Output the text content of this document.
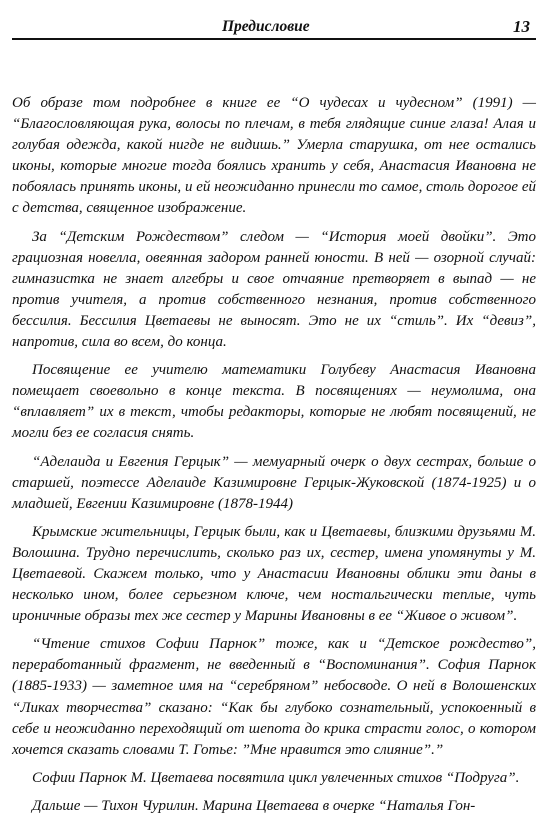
Предисловие	13

Об образе том подробнее в книге ее “О чудесах и чудесном” (1991) — “Благословляющая рука, волосы по плечам, в тебя глядящие синие глаза! Алая и голубая одежда, какой нигде не видишь.” Умерла старушка, от нее остались иконы, которые многие тогда боялись хранить у себя, Анастасия Ивановна не побоялась принять иконы, и ей неожиданно принесли то самое, столь дорогое ей с детства, священное изображение.

За “Детским Рождеством” следом — “История моей двойки”. Это грациозная новелла, овеянная задором ранней юности. В ней — озорной случай: гимназистка не знает алгебры и свое отчаяние претворяет в выпад — не против учителя, а против собственного незнания, против собственного бессилия. Бессилия Цветаевы не выносят. Это не их “стиль”. Их “девиз”, напротив, сила во всем, до конца.

Посвящение ее учителю математики Голубеву Анастасия Ивановна помещает своевольно в конце текста. В посвящениях — неумолима, она “вплавляет” их в текст, чтобы редакторы, которые не любят посвящений, не могли без ее согласия снять.

“Аделаида и Евгения Герцык” — мемуарный очерк о двух сестрах, больше о старшей, поэтессе Аделаиде Казимировне Герцык-Жуковской (1874-1925) и о младшей, Евгении Казимировне (1878-1944)

Крымские жительницы, Герцык были, как и Цветаевы, близкими друзьями М. Волошина. Трудно перечислить, сколько раз их, сестер, имена упомянуты у М. Цветаевой. Скажем только, что у Анастасии Ивановны облики эти даны в несколько ином, более серьезном ключе, чем ностальгически теплые, чуть ироничные образы тех же сестер у Марины Ивановны в ее “Живое о живом”.

“Чтение стихов Софии Парнок” тоже, как и “Детское рождество”, переработанный фрагмент, не введенный в “Воспоминания”. София Парнок (1885-1933) — заметное имя на “серебряном” небосводе. О ней в Волошенских “Ликах творчества” сказано: “Как бы глубоко сознательный, успокоенный в себе и неожиданно переходящий от шепота до крика страсти голос, о котором хочется сказать словами Т. Готье: ”Мне нравится это слияние”.”

Софии Парнок М. Цветаева посвятила цикл увлеченных стихов “Подруга”.

Дальше — Тихон Чурилин. Марина Цветаева в очерке “Наталья Гон-
